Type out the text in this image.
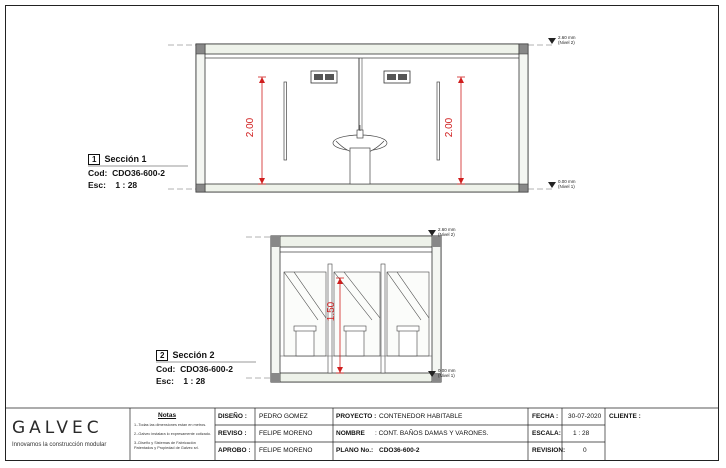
1 Sección 1
Cod: CDO36-600-2
Esc: 1 : 28
2.60 mm
(Nivel 2)
0.00 mm
(Nivel 1)
2.00	2.00
2 Sección 2
Cod: CDO36-600-2
Esc: 1 : 28
2.60 mm
(Nivel 2)
0.00 mm
(Nivel 1)
1.50
GALVEC
Innovamos la construcción modular
Notas
1.-Todas las dimensiones estan en metros.
2.-Galvec instalara lo expresamente cotizado.
3.-Diseño y Sistemas de Fabricación Patentados y Propiedad de Galvec srl.
DISEÑO : PEDRO GOMEZ
REVISO : FELIPE MORENO
APROBO : FELIPE MORENO
PROYECTO : CONTENEDOR HABITABLE
NOMBRE : CONT. BAÑOS DAMAS Y VARONES.
PLANO No.: CDO36-600-2
FECHA : 30-07-2020
ESCALA: 1 : 28
REVISION:	0
CLIENTE :
